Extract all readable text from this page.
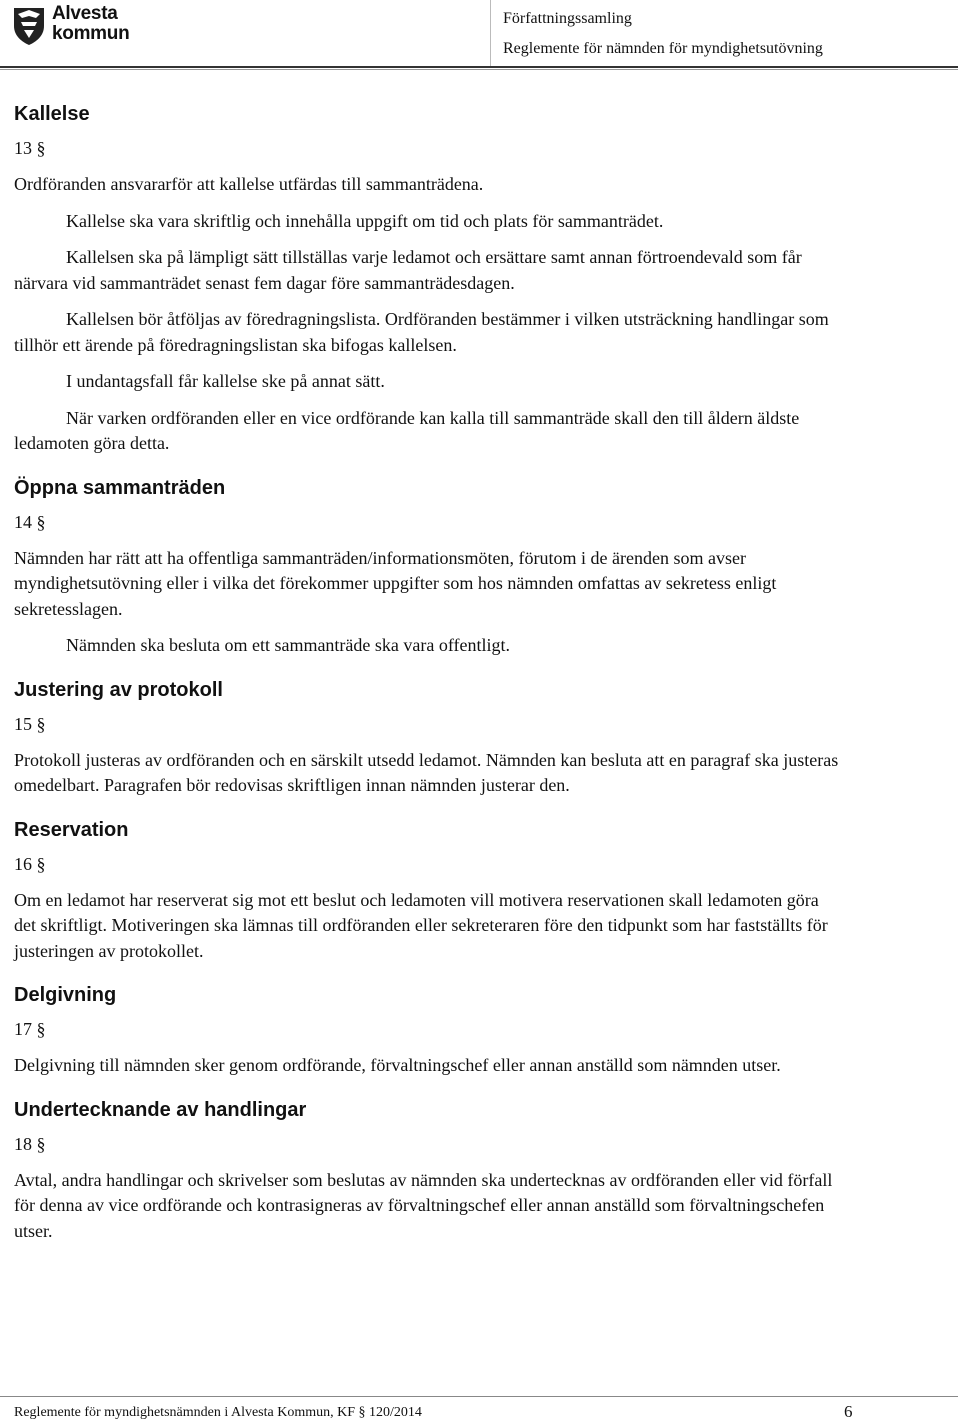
Alvesta
kommun
Författningssamling
Reglemente för nämnden för myndighetsutövning
Kallelse
13 §

Ordföranden ansvararför att kallelse utfärdas till sammanträdena.

Kallelse ska vara skriftlig och innehålla uppgift om tid och plats för sammanträdet.

Kallelsen ska på lämpligt sätt tillställas varje ledamot och ersättare samt annan förtroendevald som får närvara vid sammanträdet senast fem dagar före sammanträdesdagen.

Kallelsen bör åtföljas av föredragningslista. Ordföranden bestämmer i vilken utsträckning handlingar som tillhör ett ärende på föredragningslistan ska bifogas kallelsen.

I undantagsfall får kallelse ske på annat sätt.

När varken ordföranden eller en vice ordförande kan kalla till sammanträde skall den till åldern äldste ledamoten göra detta.

Öppna sammanträden
14 §

Nämnden har rätt att ha offentliga sammanträden/informationsmöten, förutom i de ärenden som avser myndighetsutövning eller i vilka det förekommer uppgifter som hos nämnden omfattas av sekretess enligt sekretesslagen.

Nämnden ska besluta om ett sammanträde ska vara offentligt.

Justering av protokoll
15 §

Protokoll justeras av ordföranden och en särskilt utsedd ledamot. Nämnden kan besluta att en paragraf ska justeras omedelbart. Paragrafen bör redovisas skriftligen innan nämnden justerar den.

Reservation
16 §

Om en ledamot har reserverat sig mot ett beslut och ledamoten vill motivera reservationen skall ledamoten göra det skriftligt. Motiveringen ska lämnas till ordföranden eller sekreteraren före den tidpunkt som har fastställts för justeringen av protokollet.

Delgivning
17 §

Delgivning till nämnden sker genom ordförande, förvaltningschef eller annan anställd som nämnden utser.

Undertecknande av handlingar
18 §

Avtal, andra handlingar och skrivelser som beslutas av nämnden ska undertecknas av ordföranden eller vid förfall för denna av vice ordförande och kontrasigneras av förvaltningschef eller annan anställd som förvaltningschefen utser.

Reglemente för myndighetsnämnden i Alvesta Kommun, KF § 120/2014	6
